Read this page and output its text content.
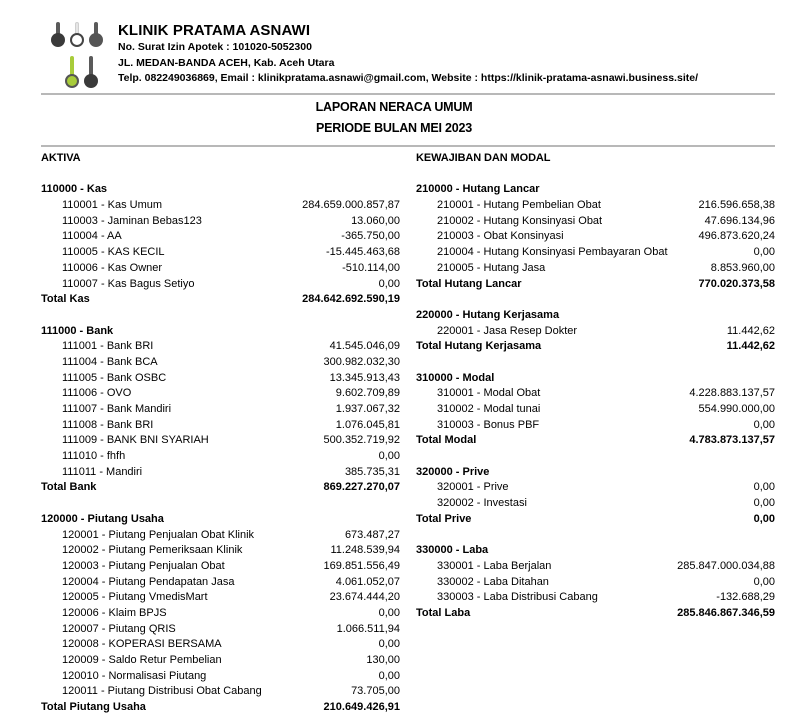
KLINIK PRATAMA ASNAWI
No. Surat Izin Apotek : 101020-5052300
JL. MEDAN-BANDA ACEH, Kab. Aceh Utara
Telp. 082249036869, Email : klinikpratama.asnawi@gmail.com, Website : https://klinik-pratama-asnawi.business.site/
LAPORAN NERACA UMUM
PERIODE BULAN MEI 2023
AKTIVA
110000 - Kas
110001 - Kas Umum	284.659.000.857,87
110003 - Jaminan Bebas123	13.060,00
110004 - AA	-365.750,00
110005 - KAS KECIL	-15.445.463,68
110006 - Kas Owner	-510.114,00
110007 - Kas Bagus Setiyo	0,00
Total Kas	284.642.692.590,19
111000 - Bank
111001 - Bank BRI	41.545.046,09
111004 - Bank BCA	300.982.032,30
111005 - Bank OSBC	13.345.913,43
111006 - OVO	9.602.709,89
111007 - Bank Mandiri	1.937.067,32
111008 - Bank BRI	1.076.045,81
111009 - BANK BNI SYARIAH	500.352.719,92
111010 - fhfh	0,00
111011 - Mandiri	385.735,31
Total Bank	869.227.270,07
120000 - Piutang Usaha
120001 - Piutang Penjualan Obat Klinik	673.487,27
120002 - Piutang Pemeriksaan Klinik	11.248.539,94
120003 - Piutang Penjualan Obat	169.851.556,49
120004 - Piutang Pendapatan Jasa	4.061.052,07
120005 - Piutang VmedisMart	23.674.444,20
120006 - Klaim BPJS	0,00
120007 - Piutang QRIS	1.066.511,94
120008 - KOPERASI BERSAMA	0,00
120009 - Saldo Retur Pembelian	130,00
120010 - Normalisasi Piutang	0,00
120011 - Piutang Distribusi Obat Cabang	73.705,00
Total Piutang Usaha	210.649.426,91
KEWAJIBAN DAN MODAL
210000 - Hutang Lancar
210001 - Hutang Pembelian Obat	216.596.658,38
210002 - Hutang Konsinyasi Obat	47.696.134,96
210003 - Obat Konsinyasi	496.873.620,24
210004 - Hutang Konsinyasi Pembayaran Obat	0,00
210005 - Hutang Jasa	8.853.960,00
Total Hutang Lancar	770.020.373,58
220000 - Hutang Kerjasama
220001 - Jasa Resep Dokter	11.442,62
Total Hutang Kerjasama	11.442,62
310000 - Modal
310001 - Modal Obat	4.228.883.137,57
310002 - Modal tunai	554.990.000,00
310003 - Bonus PBF	0,00
Total Modal	4.783.873.137,57
320000 - Prive
320001 - Prive	0,00
320002 - Investasi	0,00
Total Prive	0,00
330000 - Laba
330001 - Laba Berjalan	285.847.000.034,88
330002 - Laba Ditahan	0,00
330003 - Laba Distribusi Cabang	-132.688,29
Total Laba	285.846.867.346,59
